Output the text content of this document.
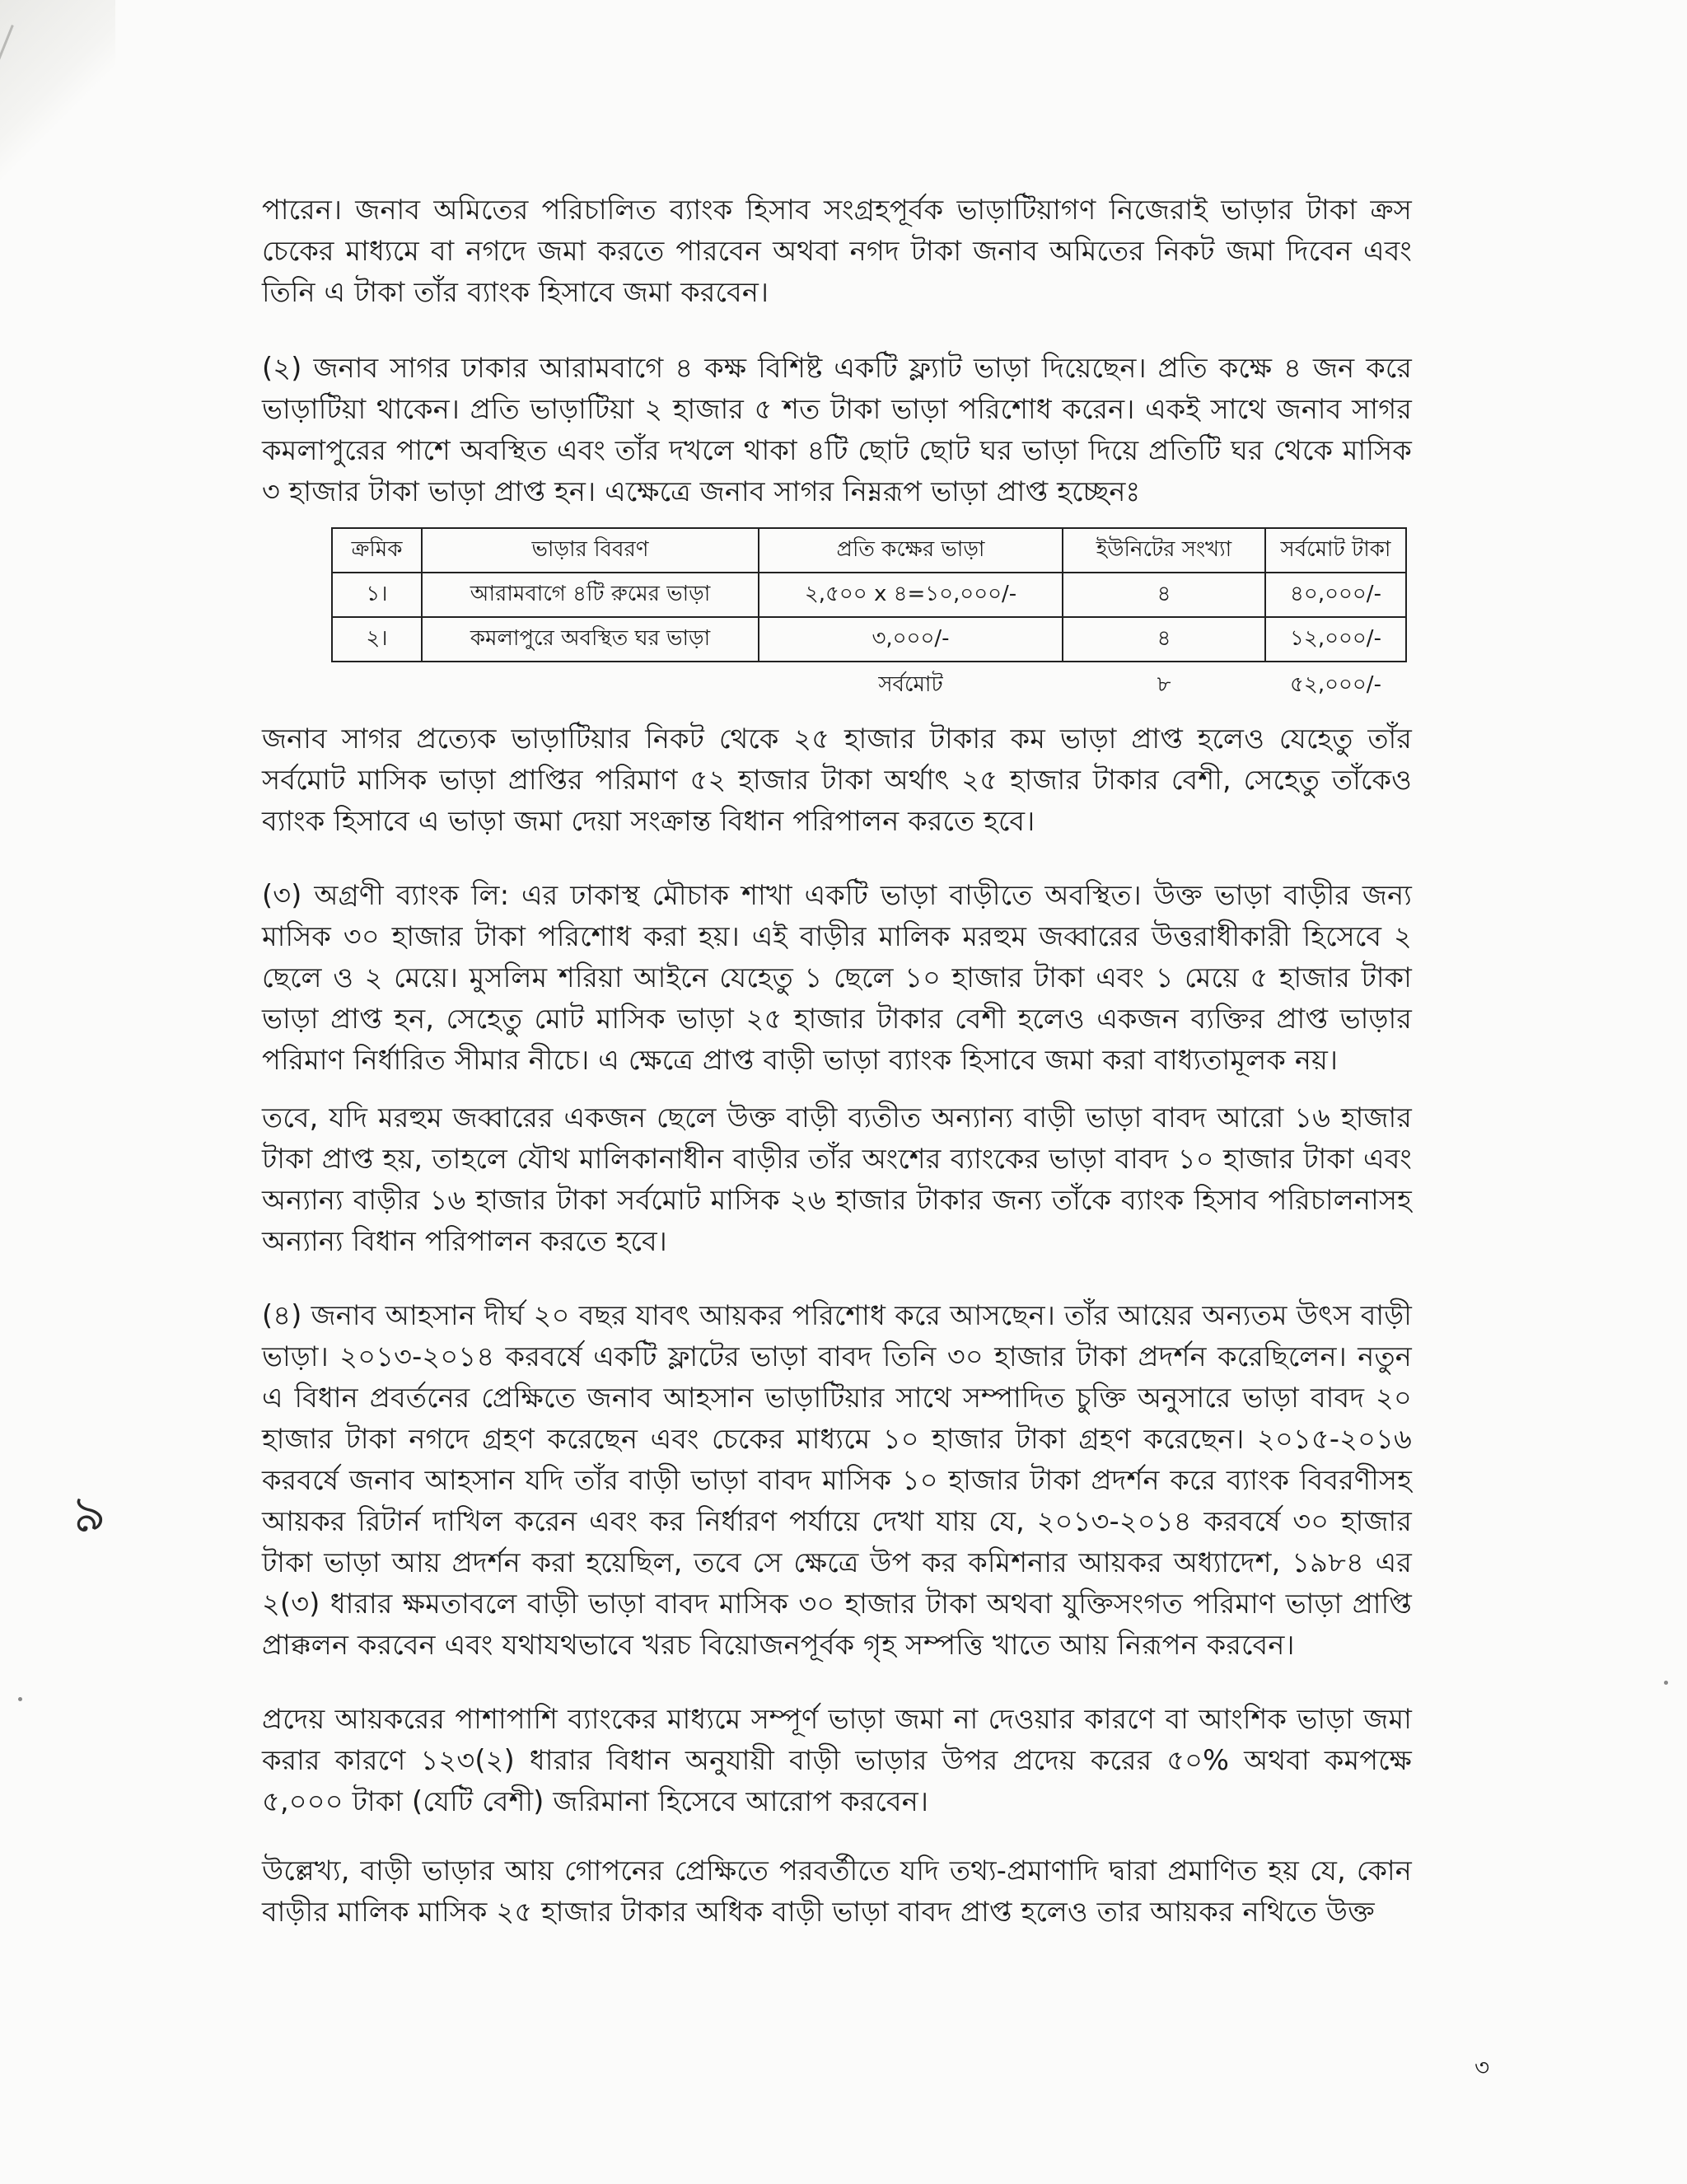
৯

পারেন। জনাব অমিতের পরিচালিত ব্যাংক হিসাব সংগ্রহপূর্বক ভাড়াটিয়াগণ নিজেরাই ভাড়ার টাকা ক্রস চেকের মাধ্যমে বা নগদে জমা করতে পারবেন অথবা নগদ টাকা জনাব অমিতের নিকট জমা দিবেন এবং তিনি এ টাকা তাঁর ব্যাংক হিসাবে জমা করবেন।

(২) জনাব সাগর ঢাকার আরামবাগে ৪ কক্ষ বিশিষ্ট একটি ফ্ল্যাট ভাড়া দিয়েছেন। প্রতি কক্ষে ৪ জন করে ভাড়াটিয়া থাকেন। প্রতি ভাড়াটিয়া ২ হাজার ৫ শত টাকা ভাড়া পরিশোধ করেন। একই সাথে জনাব সাগর কমলাপুরের পাশে অবস্থিত এবং তাঁর দখলে থাকা ৪টি ছোট ছোট ঘর ভাড়া দিয়ে প্রতিটি ঘর থেকে মাসিক ৩ হাজার টাকা ভাড়া প্রাপ্ত হন। এক্ষেত্রে জনাব সাগর নিম্নরূপ ভাড়া প্রাপ্ত হচ্ছেনঃ

ক্রমিক	ভাড়ার বিবরণ	প্রতি কক্ষের ভাড়া	ইউনিটের সংখ্যা	সর্বমোট টাকা
১।	আরামবাগে ৪টি রুমের ভাড়া	২,৫০০ x ৪=১০,০০০/-	৪	৪০,০০০/-
২।	কমলাপুরে অবস্থিত ঘর ভাড়া	৩,০০০/-	৪	১২,০০০/-
		সর্বমোট	৮	৫২,০০০/-

জনাব সাগর প্রত্যেক ভাড়াটিয়ার নিকট থেকে ২৫ হাজার টাকার কম ভাড়া প্রাপ্ত হলেও যেহেতু তাঁর সর্বমোট মাসিক ভাড়া প্রাপ্তির পরিমাণ ৫২ হাজার টাকা অর্থাৎ ২৫ হাজার টাকার বেশী, সেহেতু তাঁকেও ব্যাংক হিসাবে এ ভাড়া জমা দেয়া সংক্রান্ত বিধান পরিপালন করতে হবে।

(৩) অগ্রণী ব্যাংক লি: এর ঢাকাস্থ মৌচাক শাখা একটি ভাড়া বাড়ীতে অবস্থিত। উক্ত ভাড়া বাড়ীর জন্য মাসিক ৩০ হাজার টাকা পরিশোধ করা হয়। এই বাড়ীর মালিক মরহুম জব্বারের উত্তরাধীকারী হিসেবে ২ ছেলে ও ২ মেয়ে। মুসলিম শরিয়া আইনে যেহেতু ১ ছেলে ১০ হাজার টাকা এবং ১ মেয়ে ৫ হাজার টাকা ভাড়া প্রাপ্ত হন, সেহেতু মোট মাসিক ভাড়া ২৫ হাজার টাকার বেশী হলেও একজন ব্যক্তির প্রাপ্ত ভাড়ার পরিমাণ নির্ধারিত সীমার নীচে। এ ক্ষেত্রে প্রাপ্ত বাড়ী ভাড়া ব্যাংক হিসাবে জমা করা বাধ্যতামূলক নয়।

তবে, যদি মরহুম জব্বারের একজন ছেলে উক্ত বাড়ী ব্যতীত অন্যান্য বাড়ী ভাড়া বাবদ আরো ১৬ হাজার টাকা প্রাপ্ত হয়, তাহলে যৌথ মালিকানাধীন বাড়ীর তাঁর অংশের ব্যাংকের ভাড়া বাবদ ১০ হাজার টাকা এবং অন্যান্য বাড়ীর ১৬ হাজার টাকা সর্বমোট মাসিক ২৬ হাজার টাকার জন্য তাঁকে ব্যাংক হিসাব পরিচালনাসহ অন্যান্য বিধান পরিপালন করতে হবে।

(৪) জনাব আহসান দীর্ঘ ২০ বছর যাবৎ আয়কর পরিশোধ করে আসছেন। তাঁর আয়ের অন্যতম উৎস বাড়ী ভাড়া। ২০১৩-২০১৪ করবর্ষে একটি ফ্লাটের ভাড়া বাবদ তিনি ৩০ হাজার টাকা প্রদর্শন করেছিলেন। নতুন এ বিধান প্রবর্তনের প্রেক্ষিতে জনাব আহসান ভাড়াটিয়ার সাথে সম্পাদিত চুক্তি অনুসারে ভাড়া বাবদ ২০ হাজার টাকা নগদে গ্রহণ করেছেন এবং চেকের মাধ্যমে ১০ হাজার টাকা গ্রহণ করেছেন। ২০১৫-২০১৬ করবর্ষে জনাব আহসান যদি তাঁর বাড়ী ভাড়া বাবদ মাসিক ১০ হাজার টাকা প্রদর্শন করে ব্যাংক বিবরণীসহ আয়কর রিটার্ন দাখিল করেন এবং কর নির্ধারণ পর্যায়ে দেখা যায় যে, ২০১৩-২০১৪ করবর্ষে ৩০ হাজার টাকা ভাড়া আয় প্রদর্শন করা হয়েছিল, তবে সে ক্ষেত্রে উপ কর কমিশনার আয়কর অধ্যাদেশ, ১৯৮৪ এর ২(৩) ধারার ক্ষমতাবলে বাড়ী ভাড়া বাবদ মাসিক ৩০ হাজার টাকা অথবা যুক্তিসংগত পরিমাণ ভাড়া প্রাপ্তি প্রাক্কলন করবেন এবং যথাযথভাবে খরচ বিয়োজনপূর্বক গৃহ সম্পত্তি খাতে আয় নিরূপন করবেন।

প্রদেয় আয়করের পাশাপাশি ব্যাংকের মাধ্যমে সম্পূর্ণ ভাড়া জমা না দেওয়ার কারণে বা আংশিক ভাড়া জমা করার কারণে ১২৩(২) ধারার বিধান অনুযায়ী বাড়ী ভাড়ার উপর প্রদেয় করের ৫০% অথবা কমপক্ষে ৫,০০০ টাকা (যেটি বেশী) জরিমানা হিসেবে আরোপ করবেন।

উল্লেখ্য, বাড়ী ভাড়ার আয় গোপনের প্রেক্ষিতে পরবর্তীতে যদি তথ্য-প্রমাণাদি দ্বারা প্রমাণিত হয় যে, কোন বাড়ীর মালিক মাসিক ২৫ হাজার টাকার অধিক বাড়ী ভাড়া বাবদ প্রাপ্ত হলেও তার আয়কর নথিতে উক্ত

৩
